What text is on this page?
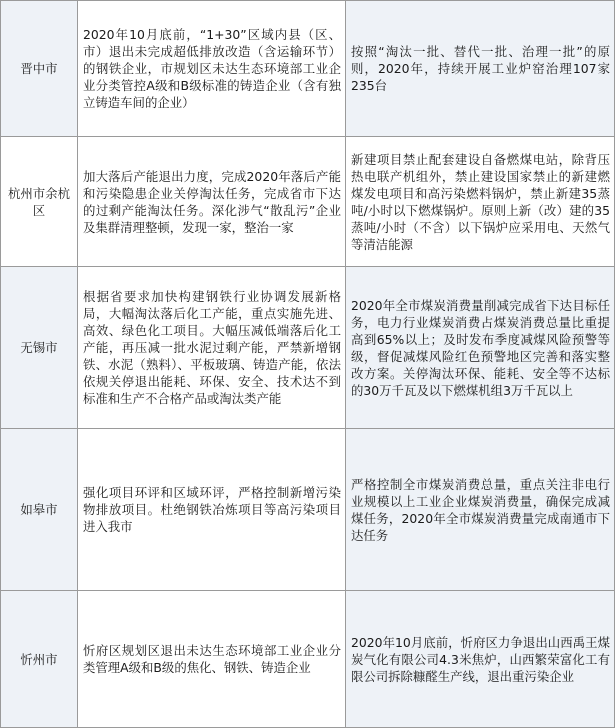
晋中市	2020年10月底前，“1+30”区域内县（区、市）退出未完成超低排放改造（含运输环节）的钢铁企业，市规划区未达生态环境部工业企业分类管控A级和B级标准的铸造企业（含有独立铸造车间的企业）	按照“淘汰一批、替代一批、治理一批”的原则，2020年，持续开展工业炉窑治理107家235台

杭州市余杭区	加大落后产能退出力度，完成2020年落后产能和污染隐患企业关停淘汰任务，完成省市下达的过剩产能淘汰任务。深化涉气“散乱污”企业及集群清理整顿，发现一家，整治一家	新建项目禁止配套建设自备燃煤电站，除背压热电联产机组外，禁止建设国家禁止的新建燃煤发电项目和高污染燃料锅炉，禁止新建35蒸吨/小时以下燃煤锅炉。原则上新（改）建的35蒸吨/小时（不含）以下锅炉应采用电、天然气等清洁能源

无锡市	根据省要求加快构建钢铁行业协调发展新格局，大幅淘汰落后化工产能，重点实施先进、高效、绿色化工项目。大幅压减低端落后化工产能，再压减一批水泥过剩产能，严禁新增钢铁、水泥（熟料）、平板玻璃、铸造产能，依法依规关停退出能耗、环保、安全、技术达不到标准和生产不合格产品或淘汰类产能	2020年全市煤炭消费量削减完成省下达目标任务，电力行业煤炭消费占煤炭消费总量比重提高到65%以上；及时发布季度减煤风险预警等级，督促减煤风险红色预警地区完善和落实整改方案。关停淘汰环保、能耗、安全等不达标的30万千瓦及以下燃煤机组3万千瓦以上

如皋市	强化项目环评和区域环评，严格控制新增污染物排放项目。杜绝钢铁冶炼项目等高污染项目进入我市	严格控制全市煤炭消费总量，重点关注非电行业规模以上工业企业煤炭消费量，确保完成减煤任务，2020年全市煤炭消费量完成南通市下达任务

忻州市	忻府区规划区退出未达生态环境部工业企业分类管理A级和B级的焦化、钢铁、铸造企业	2020年10月底前，忻府区力争退出山西禹王煤炭气化有限公司4.3米焦炉，山西繁荣富化工有限公司拆除糠醛生产线，退出重污染企业
